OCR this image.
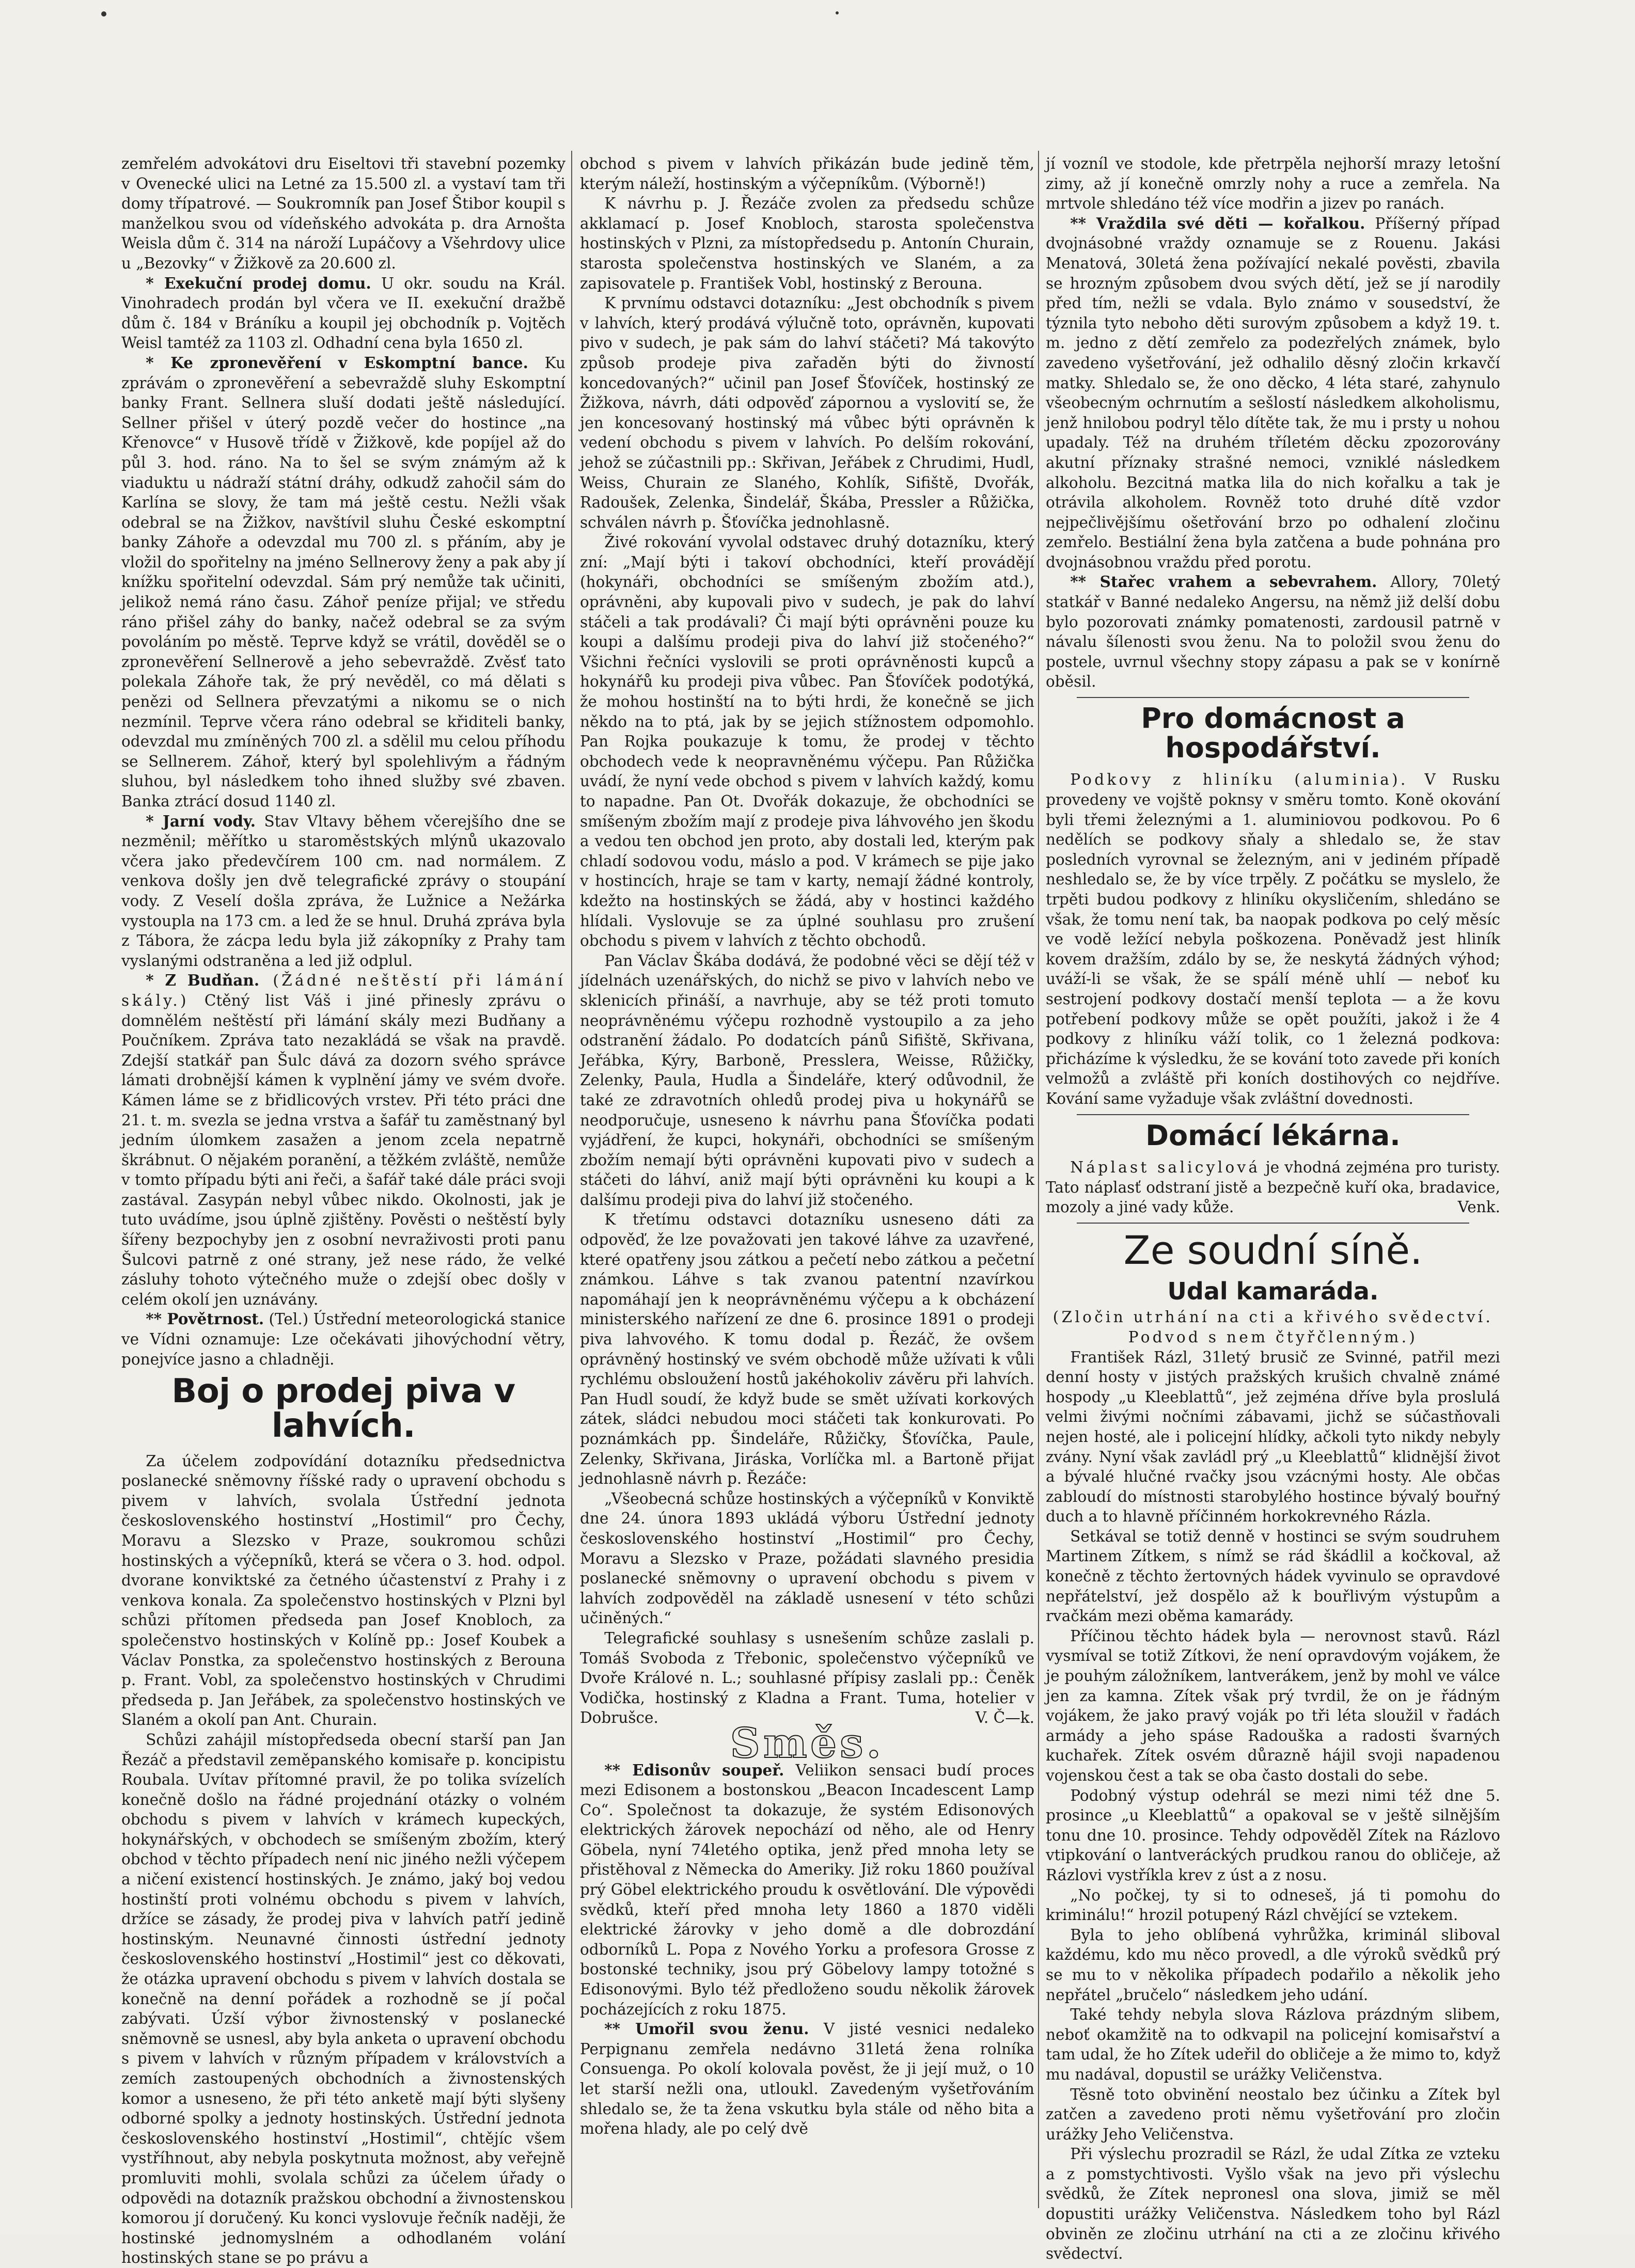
zemřelém advokátovi dru Eiseltovi tři stavební pozemky v Ovenecké ulici na Letné za 15.500 zl. a vystaví tam tři domy třípatrové. — Soukromník pan Josef Štibor koupil s manželkou svou od vídeňského advokáta p. dra Arnošta Weisla dům č. 314 na nároží Lupáčovy a Všehrdovy ulice u „Bezovky“ v Žižkově za 20.600 zl.

* Exekuční prodej domu. U okr. soudu na Král. Vinohradech prodán byl včera ve II. exekuční dražbě dům č. 184 v Bráníku a koupil jej obchodník p. Vojtěch Weisl tamtéž za 1103 zl. Odhadní cena byla 1650 zl.

* Ke zpronevěření v Eskomptní bance. Ku zprávám o zpronevěření a sebevraždě sluhy Eskomptní banky Frant. Sellnera sluší dodati ještě následující. Sellner přišel v úterý pozdě večer do hostince „na Křenovce“ v Husově třídě v Žižkově, kde popíjel až do půl 3. hod. ráno. Na to šel se svým známým až k viaduktu u nádraží státní dráhy, odkudž zahočil sám do Karlína se slovy, že tam má ještě cestu. Nežli však odebral se na Žižkov, navštívil sluhu České eskomptní banky Záhoře a odevzdal mu 700 zl. s přáním, aby je vložil do spořitelny na jméno Sellnerovy ženy a pak aby jí knížku spořitelní odevzdal. Sám prý nemůže tak učiniti, jelikož nemá ráno času. Záhoř peníze přijal; ve středu ráno přišel záhy do banky, načež odebral se za svým povoláním po městě. Teprve když se vrátil, dověděl se o zpronevěření Sellnerově a jeho sebevraždě. Zvěsť tato polekala Záhoře tak, že prý nevěděl, co má dělati s penězi od Sellnera převzatými a nikomu se o nich nezmínil. Teprve včera ráno odebral se křiditeli banky, odevzdal mu zmíněných 700 zl. a sdělil mu celou příhodu se Sellnerem. Záhoř, který byl spolehlivým a řádným sluhou, byl následkem toho ihned služby své zbaven. Banka ztrácí dosud 1140 zl.

* Jarní vody. Stav Vltavy během včerejšího dne se nezměnil; měřítko u staroměstských mlýnů ukazovalo včera jako předevčírem 100 cm. nad normálem. Z venkova došly jen dvě telegrafické zprávy o stoupání vody. Z Veselí došla zpráva, že Lužnice a Nežárka vystoupla na 173 cm. a led že se hnul. Druhá zpráva byla z Tábora, že zácpa ledu byla již zákopníky z Prahy tam vyslanými odstraněna a led již odplul.

* Z Budňan. (Žádné neštěstí při lámání skály.) Ctěný list Váš i jiné přinesly zprávu o domnělém neštěstí při lámání skály mezi Budňany a Poučníkem. Zpráva tato nezakládá se však na pravdě. Zdejší statkář pan Šulc dává za dozorn svého správce lámati drobnější kámen k vyplnění jámy ve svém dvoře. Kámen láme se z břidlicových vrstev. Při této práci dne 21. t. m. svezla se jedna vrstva a šafář tu zaměstnaný byl jedním úlomkem zasažen a jenom zcela nepatrně škrábnut. O nějakém poranění, a těžkém zvláště, nemůže v tomto případu býti ani řeči, a šafář také dále práci svoji zastával. Zasypán nebyl vůbec nikdo. Okolnosti, jak je tuto uvádíme, jsou úplně zjištěny. Pověsti o neštěstí byly šířeny bezpochyby jen z osobní nevraživosti proti panu Šulcovi patrně z oné strany, jež nese rádo, že velké zásluhy tohoto výtečného muže o zdejší obec došly v celém okolí jen uznávány.

** Povětrnost. (Tel.) Ústřední meteorologická stanice ve Vídni oznamuje: Lze očekávati jihovýchodní větry, ponejvíce jasno a chladněji.

Boj o prodej piva v lahvích.

Za účelem zodpovídání dotazníku předsednictva poslanecké sněmovny říšské rady o upravení obchodu s pivem v lahvích, svolala Ústřední jednota československého hostinství „Hostimil“ pro Čechy, Moravu a Slezsko v Praze, soukromou schůzi hostinských a výčepníků, která se včera o 3. hod. odpol. dvorane konviktské za četného účastenství z Prahy i z venkova konala. Za společenstvo hostinských v Plzni byl schůzi přítomen předseda pan Josef Knobloch, za společenstvo hostinských v Kolíně pp.: Josef Koubek a Václav Ponstka, za společenstvo hostinských z Berouna p. Frant. Vobl, za společenstvo hostinských v Chrudimi předseda p. Jan Jeřábek, za společenstvo hostinských ve Slaném a okolí pan Ant. Churain.

Schůzi zahájil místopředseda obecní starší pan Jan Řezáč a představil zeměpanského komisaře p. koncipistu Roubala. Uvítav přítomné pravil, že po tolika svízelích konečně došlo na řádné projednání otázky o volném obchodu s pivem v lahvích v krámech kupeckých, hokynářských, v obchodech se smíšeným zbožím, který obchod v těchto případech není nic jiného nežli výčepem a ničení existencí hostinských. Je známo, jaký boj vedou hostinští proti volnému obchodu s pivem v lahvích, držíce se zásady, že prodej piva v lahvích patří jedině hostinským. Neunavné činnosti ústřední jednoty československého hostinství „Hostimil“ jest co děkovati, že otázka upravení obchodu s pivem v lahvích dostala se konečně na denní pořádek a rozhodně se jí počal zabývati. Úzší výbor živnostenský v poslanecké sněmovně se usnesl, aby byla anketa o upravení obchodu s pivem v lahvích v různým případem v královstvích a zemích zastoupených obchodních a živnostenských komor a usneseno, že při této anketě mají býti slyšeny odborné spolky a jednoty hostinských. Ústřední jednota československého hostinství „Hostimil“, chtějíc všem vystříhnout, aby nebyla poskytnuta možnost, aby veřejně promluviti mohli, svolala schůzi za účelem úřady o odpovědi na dotazník pražskou obchodní a živnostenskou komorou jí doručený. Ku konci vyslovuje řečník naději, že hostinské jednomyslném a odhodlaném volání hostinských stane se po právu a

obchod s pivem v lahvích přikázán bude jedině těm, kterým náleží, hostinským a výčepníkům. (Výborně!)

K návrhu p. J. Řezáče zvolen za předsedu schůze akklamací p. Josef Knobloch, starosta společenstva hostinských v Plzni, za místopředsedu p. Antonín Churain, starosta společenstva hostinských ve Slaném, a za zapisovatele p. František Vobl, hostinský z Berouna.

K prvnímu odstavci dotazníku: „Jest obchodník s pivem v lahvích, který prodává výlučně toto, oprávněn, kupovati pivo v sudech, je pak sám do lahví stáčeti? Má takovýto způsob prodeje piva zařaděn býti do živností koncedovaných?“ učinil pan Josef Šťovíček, hostinský ze Žižkova, návrh, dáti odpověď zápornou a vyslovití se, že jen koncesovaný hostinský má vůbec býti oprávněn k vedení obchodu s pivem v lahvích. Po delším rokování, jehož se zúčastnili pp.: Skřivan, Jeřábek z Chrudimi, Hudl, Weiss, Churain ze Slaného, Kohlík, Sifiště, Dvořák, Radoušek, Zelenka, Šindelář, Škába, Pressler a Růžička, schválen návrh p. Šťovíčka jednohlasně.

Živé rokování vyvolal odstavec druhý dotazníku, který zní: „Mají býti i takoví obchodníci, kteří provádějí (hokynáři, obchodníci se smíšeným zbožím atd.), oprávněni, aby kupovali pivo v sudech, je pak do lahví stáčeli a tak prodávali? Či mají býti oprávněni pouze ku koupi a dalšímu prodeji piva do lahví již stočeného?“ Všichni řečníci vyslovili se proti oprávněnosti kupců a hokynářů ku prodeji piva vůbec. Pan Šťovíček podotýká, že mohou hostinští na to býti hrdi, že konečně se jich někdo na to ptá, jak by se jejich stížnostem odpomohlo. Pan Rojka poukazuje k tomu, že prodej v těchto obchodech vede k neopravněnému výčepu. Pan Růžička uvádí, že nyní vede obchod s pivem v lahvích každý, komu to napadne. Pan Ot. Dvořák dokazuje, že obchodníci se smíšeným zbožím mají z prodeje piva láhvového jen škodu a vedou ten obchod jen proto, aby dostali led, kterým pak chladí sodovou vodu, máslo a pod. V krámech se pije jako v hostincích, hraje se tam v karty, nemají žádné kontroly, kdežto na hostinských se žádá, aby v hostinci každého hlídali. Vyslovuje se za úplné souhlasu pro zrušení obchodu s pivem v lahvích z těchto obchodů.

Pan Václav Škába dodává, že podobné věci se dějí též v jídelnách uzenářských, do nichž se pivo v lahvích nebo ve sklenicích přináší, a navrhuje, aby se též proti tomuto neoprávněnému výčepu rozhodně vystoupilo a za jeho odstranění žádalo. Po dodatcích pánů Sifiště, Skřivana, Jeřábka, Kýry, Barboně, Presslera, Weisse, Růžičky, Zelenky, Paula, Hudla a Šindeláře, který odůvodnil, že také ze zdravotních ohledů prodej piva u hokynářů se neodporučuje, usneseno k návrhu pana Šťovíčka podati vyjádření, že kupci, hokynáři, obchodníci se smíšeným zbožím nemají býti oprávněni kupovati pivo v sudech a stáčeti do láhví, aniž mají býti oprávněni ku koupi a k dalšímu prodeji piva do lahví již stočeného.

K třetímu odstavci dotazníku usneseno dáti za odpověď, že lze považovati jen takové láhve za uzavřené, které opatřeny jsou zátkou a pečetí nebo zátkou a pečetní známkou. Láhve s tak zvanou patentní nzavírkou napomáhají jen k neoprávněnému výčepu a k obcházení ministerského nařízení ze dne 6. prosince 1891 o prodeji piva lahvového. K tomu dodal p. Řezáč, že ovšem oprávněný hostinský ve svém obchodě může užívati k vůli rychlému obsloužení hostů jakéhokoliv závěru při lahvích. Pan Hudl soudí, že když bude se smět užívati korkových zátek, sládci nebudou moci stáčeti tak konkurovati. Po poznámkách pp. Šindeláře, Růžičky, Šťovíčka, Paule, Zelenky, Skřivana, Jiráska, Vorlíčka ml. a Bartoně přijat jednohlasně návrh p. Řezáče:

„Všeobecná schůze hostinských a výčepníků v Konviktě dne 24. února 1893 ukládá výboru Ústřední jednoty československého hostinství „Hostimil“ pro Čechy, Moravu a Slezsko v Praze, požádati slavného presidia poslanecké sněmovny o upravení obchodu s pivem v lahvích zodpověděl na základě usnesení v této schůzi učiněných.“

Telegrafické souhlasy s usnešením schůze zaslali p. Tomáš Svoboda z Třebonic, společenstvo výčepníků ve Dvoře Králové n. L.; souhlasné přípisy zaslali pp.: Čeněk Vodička, hostinský z Kladna a Frant. Tuma, hotelier v Dobrušce.	V. Č—k.

Směs.

** Edisonův soupeř. Veliikon sensaci budí proces mezi Edisonem a bostonskou „Beacon Incadescent Lamp Co“. Společnost ta dokazuje, že systém Edisonových elektrických žárovek nepochází od něho, ale od Henry Göbela, nyní 74letého optika, jenž před mnoha lety se přistěhoval z Německa do Ameriky. Již roku 1860 používal prý Göbel elektrického proudu k osvětlování. Dle výpovědi svědků, kteří před mnoha lety 1860 a 1870 viděli elektrické žárovky v jeho domě a dle dobrozdání odborníků L. Popa z Nového Yorku a profesora Grosse z bostonské techniky, jsou prý Göbelovy lampy totožné s Edisonovými. Bylo též předloženo soudu několik žárovek pocházejících z roku 1875.

** Umořil svou ženu. V jisté vesnici nedaleko Perpignanu zemřela nedávno 31letá žena rolníka Consuenga. Po okolí kolovala pověst, že ji její muž, o 10 let starší nežli ona, utloukl. Zavedeným vyšetřováním shledalo se, že ta žena vskutku byla stále od něho bita a mořena hlady, ale po celý dvě

jí vozníl ve stodole, kde přetrpěla nejhorší mrazy letošní zimy, až jí konečně omrzly nohy a ruce a zemřela. Na mrtvole shledáno též více modřin a jizev po ranách.

** Vraždila své děti — kořalkou. Příšerný případ dvojnásobné vraždy oznamuje se z Rouenu. Jakási Menatová, 30letá žena požívající nekalé pověsti, zbavila se hrozným způsobem dvou svých dětí, jež se jí narodily před tím, nežli se vdala. Bylo známo v sousedství, že týznila tyto neboho děti surovým způsobem a když 19. t. m. jedno z dětí zemřelo za podezřelých známek, bylo zavedeno vyšetřování, jež odhalilo děsný zločin krkavčí matky. Shledalo se, že ono děcko, 4 léta staré, zahynulo všeobecným ochrnutím a sešlostí následkem alkoholismu, jenž hnilobou podryl tělo dítěte tak, že mu i prsty u nohou upadaly. Též na druhém tříletém děcku zpozorovány akutní příznaky strašné nemoci, vzniklé následkem alkoholu. Bezcitná matka lila do nich kořalku a tak je otrávila alkoholem. Rovněž toto druhé dítě vzdor nejpečlivějšímu ošetřování brzo po odhalení zločinu zemřelo. Bestiální žena byla zatčena a bude pohnána pro dvojnásobnou vraždu před porotu.

** Stařec vrahem a sebevrahem. Allory, 70letý statkář v Banné nedaleko Angersu, na němž již delší dobu bylo pozorovati známky pomatenosti, zardousil patrně v návalu šílenosti svou ženu. Na to položil svou ženu do postele, uvrnul všechny stopy zápasu a pak se v konírně oběsil.

Pro domácnost a hospodářství.

Podkovy z hliníku (aluminia). V Rusku provedeny ve vojště poknsy v směru tomto. Koně okování byli třemi železnými a 1. aluminiovou podkovou. Po 6 nedělích se podkovy sňaly a shledalo se, že stav posledních vyrovnal se železným, ani v jediném případě neshledalo se, že by více trpěly. Z počátku se myslelo, že trpěti budou podkovy z hliníku okysličením, shledáno se však, že tomu není tak, ba naopak podkova po celý měsíc ve vodě ležící nebyla poškozena. Poněvadž jest hliník kovem dražším, zdálo by se, že neskytá žádných výhod; uváží-li se však, že se spálí méně uhlí — neboť ku sestrojení podkovy dostačí menší teplota — a že kovu potřebení podkovy může se opět použíti, jakož i že 4 podkovy z hliníku váží tolik, co 1 železná podkova: přicházíme k výsledku, že se kování toto zavede při koních velmožů a zvláště při koních dostihových co nejdříve. Kování same vyžaduje však zvláštní dovednosti.

Domácí lékárna.

Náplast salicylová je vhodná zejména pro turisty. Tato náplasť odstraní jistě a bezpečně kuří oka, bradavice, mozoly a jiné vady kůže.	Venk.

Ze soudní síně.
Udal kamaráda.

(Zločin utrhání na cti a křivého svědectví. Podvod s nem čtyřčlenným.)

František Rázl, 31letý brusič ze Svinné, patřil mezi denní hosty v jistých pražských krušich chvalně známé hospody „u Kleeblattů“, jež zejména dříve byla proslulá velmi živými nočními zábavami, jichž se súčastňovali nejen hosté, ale i policejní hlídky, ačkoli tyto nikdy nebyly zvány. Nyní však zavládl prý „u Kleeblattů“ klidnější život a bývalé hlučné rvačky jsou vzácnými hosty. Ale občas zabloudí do místnosti starobylého hostince bývalý bouřný duch a to hlavně příčinném horkokrevného Rázla.

Setkával se totiž denně v hostinci se svým soudruhem Martinem Zítkem, s nímž se rád škádlil a kočkoval, až konečně z těchto žertovných hádek vyvinulo se opravdové nepřátelství, jež dospělo až k bouřlivým výstupům a rvačkám mezi oběma kamarády.

Příčinou těchto hádek byla — nerovnost stavů. Rázl vysmíval se totiž Zítkovi, že není opravdovým vojákem, že je pouhým záložníkem, lantverákem, jenž by mohl ve válce jen za kamna. Zítek však prý tvrdil, že on je řádným vojákem, že jako pravý voják po tři léta sloužil v řadách armády a jeho spáse Radouška a radosti švarných kuchařek. Zítek osvém důrazně hájil svoji napadenou vojenskou čest a tak se oba často dostali do sebe.

Podobný výstup odehrál se mezi nimi též dne 5. prosince „u Kleeblattů“ a opakoval se v ještě silnějším tonu dne 10. prosince. Tehdy odpověděl Zítek na Rázlovo vtipkování o lantveráckých prudkou ranou do obličeje, až Rázlovi vystříkla krev z úst a z nosu.

„No počkej, ty si to odneseš, já ti pomohu do kriminálu!“ hrozil potupený Rázl chvějící se vztekem.

Byla to jeho oblíbená vyhrůžka, kriminál sliboval každému, kdo mu něco provedl, a dle výroků svědků prý se mu to v několika případech podařilo a několik jeho nepřátel „bručelo“ následkem jeho udání.

Také tehdy nebyla slova Rázlova prázdným slibem, neboť okamžitě na to odkvapil na policejní komisařství a tam udal, že ho Zítek udeřil do obličeje a že mimo to, když mu nadával, dopustil se urážky Veličenstva.

Těsně toto obvinění neostalo bez účinku a Zítek byl zatčen a zavedeno proti němu vyšetřování pro zločin urážky Jeho Veličenstva.

Při výslechu prozradil se Rázl, že udal Zítka ze vzteku a z pomstychtivosti. Vyšlo však na jevo při výslechu svědků, že Zítek nepronesl ona slova, jimiž se měl dopustiti urážky Veličenstva. Následkem toho byl Rázl obviněn ze zločinu utrhání na cti a ze zločinu křivého svědectví.
